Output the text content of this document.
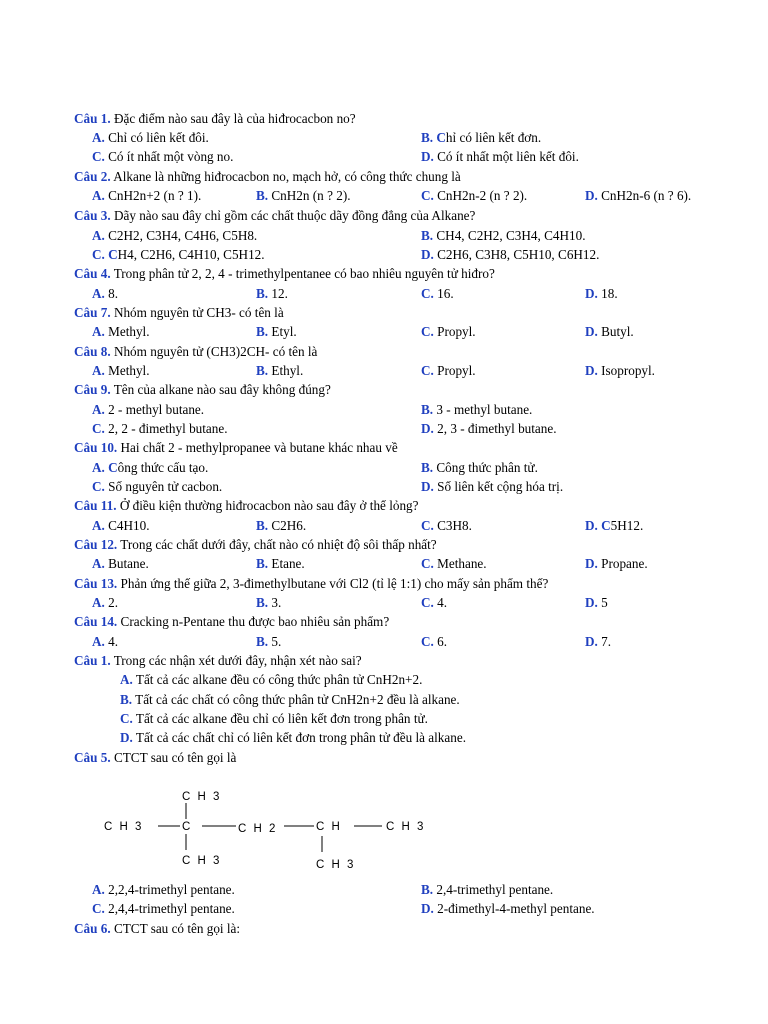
Câu 1. Đặc điểm nào sau đây là của hiđrocacbon no?
A. Chỉ có liên kết đôi.	B. Chỉ có liên kết đơn.
C. Có ít nhất một vòng no.	D. Có ít nhất một liên kết đôi.
Câu 2. Alkane là những hiđrocacbon no, mạch hở, có công thức chung là
A. CnH2n+2 (n ? 1).	B. CnH2n (n ? 2).	C. CnH2n-2 (n ? 2).	D. CnH2n-6 (n ? 6).
Câu 3. Dãy nào sau đây chỉ gồm các chất thuộc dãy đồng đẳng của Alkane?
A. C2H2, C3H4, C4H6, C5H8.	B. CH4, C2H2, C3H4, C4H10.
C. CH4, C2H6, C4H10, C5H12.	D. C2H6, C3H8, C5H10, C6H12.
Câu 4. Trong phân tử 2, 2, 4 - trimethylpentanee có bao nhiêu nguyên tử hiđro?
A. 8.	B. 12.	C. 16.	D. 18.
Câu 7. Nhóm nguyên tử CH3- có tên là
A. Methyl.	B. Etyl.	C. Propyl.	D. Butyl.
Câu 8. Nhóm nguyên tử (CH3)2CH- có tên là
A. Methyl.	B. Ethyl.	C. Propyl.	D. Isopropyl.
Câu 9. Tên của alkane nào sau đây không đúng?
A. 2 - methyl butane.	B. 3 - methyl butane.
C. 2, 2 - đimethyl butane.	D. 2, 3 - đimethyl butane.
Câu 10. Hai chất 2 - methylpropanee và butane khác nhau về
A. Công thức cấu tạo.	B. Công thức phân tử.
C. Số nguyên tử cacbon.	D. Số liên kết cộng hóa trị.
Câu 11. Ở điều kiện thường hiđrocacbon nào sau đây ở thể lỏng?
A. C4H10.	B. C2H6.	C. C3H8.	D. C5H12.
Câu 12. Trong các chất dưới đây, chất nào có nhiệt độ sôi thấp nhất?
A. Butane.	B. Etane.	C. Methane.	D. Propane.
Câu 13. Phản ứng thế giữa 2, 3-đimethylbutane với Cl2 (tỉ lệ 1:1) cho mấy sản phẩm thế?
A. 2.	B. 3.	C. 4.	D. 5
Câu 14. Cracking n-Pentane thu được bao nhiêu sản phẩm?
A. 4.	B. 5.	C. 6.	D. 7.
Câu 1. Trong các nhận xét dưới đây, nhận xét nào sai?
A. Tất cả các alkane đều có công thức phân tử CnH2n+2.
B. Tất cả các chất có công thức phân tử CnH2n+2 đều là alkane.
C. Tất cả các alkane đều chỉ có liên kết đơn trong phân tử.
D. Tất cả các chất chỉ có liên kết đơn trong phân tử đều là alkane.
Câu 5. CTCT sau có tên gọi là
C H 3
C H 3	C	C H 2	C H	C H 3
C H 3	C H 3
A. 2,2,4-trimethyl pentane.	B. 2,4-trimethyl pentane.
C. 2,4,4-trimethyl pentane.	D. 2-đimethyl-4-methyl pentane.
Câu 6. CTCT sau có tên gọi là:
